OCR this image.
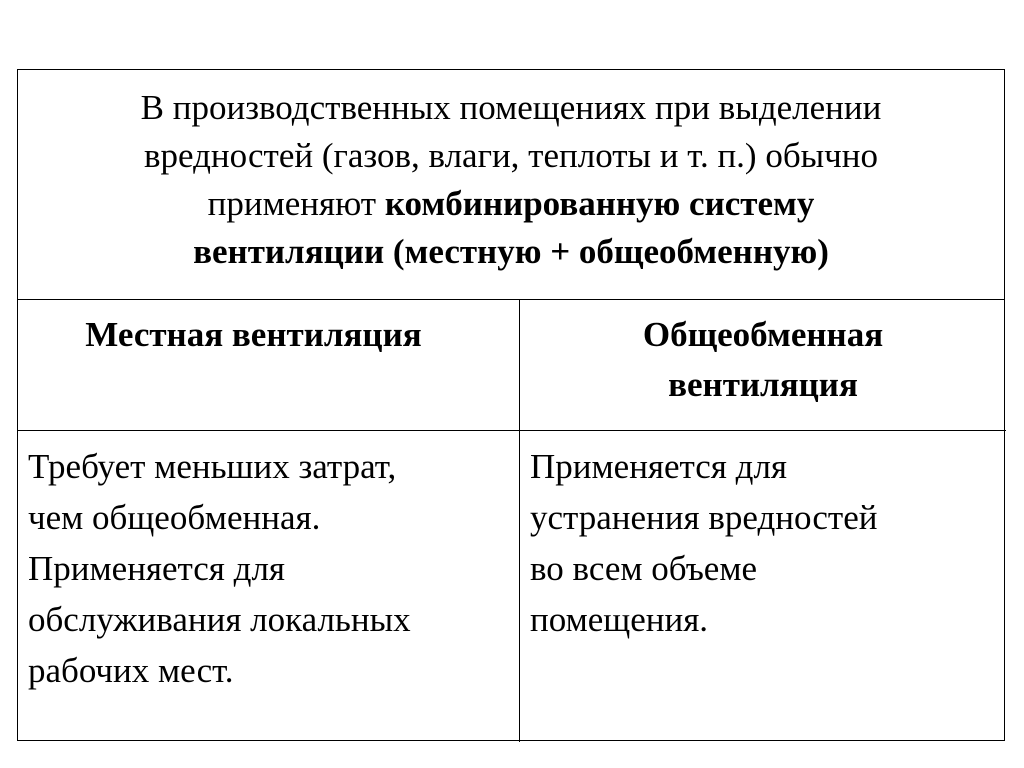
В производственных помещениях при выделении
вредностей (газов, влаги, теплоты и т. п.) обычно
применяют комбинированную систему
вентиляции (местную + общеобменную)
Местная вентиляция	Общеобменная
вентиляция
Требует меньших затрат,
чем общеобменная.
Применяется для
обслуживания локальных
рабочих мест.
Применяется для
устранения вредностей
во всем объеме
помещения.
